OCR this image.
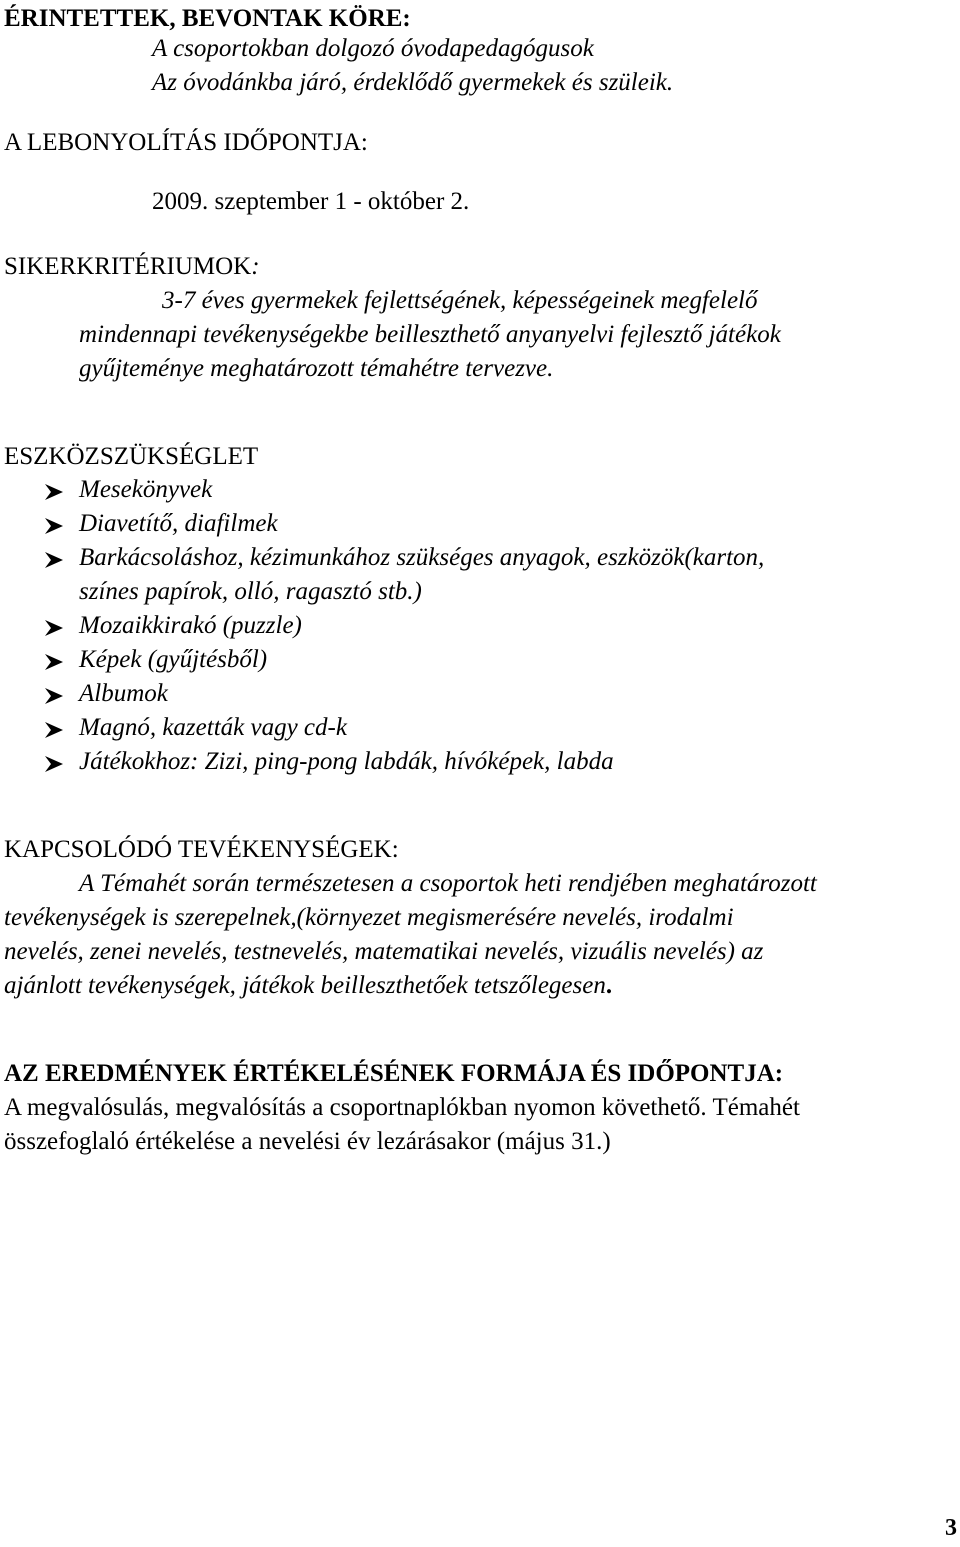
ÉRINTETTEK, BEVONTAK KÖRE:
A csoportokban dolgozó óvodapedagógusok
Az óvodánkba járó, érdeklődő gyermekek és szüleik.
A LEBONYOLÍTÁS IDŐPONTJA:
2009. szeptember 1 - október 2.
SIKERKRITÉRIUMOK:
3-7 éves gyermekek fejlettségének, képességeinek megfelelő
mindennapi tevékenységekbe beilleszthető anyanyelvi fejlesztő játékok
gyűjteménye meghatározott témahétre tervezve.
ESZKÖZSZÜKSÉGLET
Mesekönyvek
Diavetítő, diafilmek
Barkácsoláshoz, kézimunkához szükséges anyagok, eszközök(karton,
színes papírok, olló, ragasztó stb.)
Mozaikkirakó (puzzle)
Képek (gyűjtésből)
Albumok
Magnó, kazetták vagy cd-k
Játékokhoz: Zizi, ping-pong labdák, hívóképek, labda
KAPCSOLÓDÓ TEVÉKENYSÉGEK:
A Témahét során természetesen a csoportok heti rendjében meghatározott
tevékenységek is szerepelnek,(környezet megismerésére nevelés, irodalmi
nevelés, zenei nevelés, testnevelés, matematikai nevelés, vizuális nevelés) az
ajánlott tevékenységek, játékok beilleszthetőek tetszőlegesen.
AZ EREDMÉNYEK ÉRTÉKELÉSÉNEK FORMÁJA ÉS IDŐPONTJA:
A megvalósulás, megvalósítás a csoportnaplókban nyomon követhető. Témahét
összefoglaló értékelése a nevelési év lezárásakor (május 31.)
3
